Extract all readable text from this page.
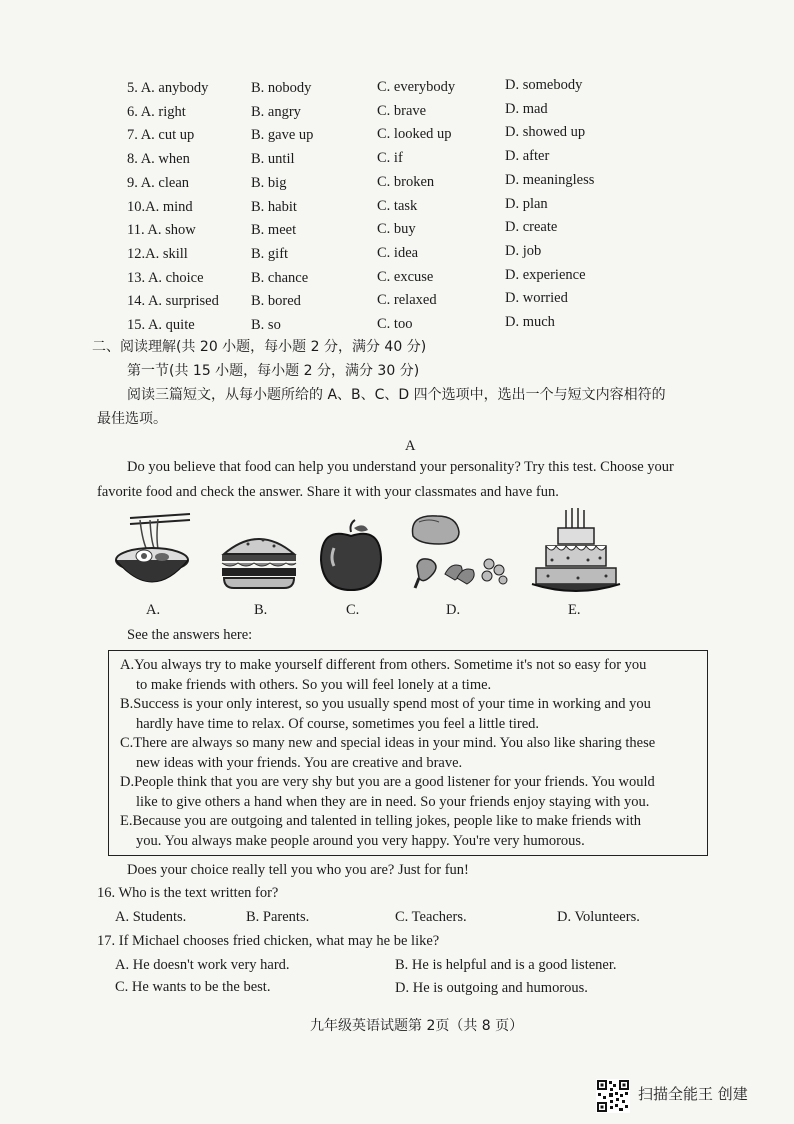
5. A. anybody	B. nobody	C. everybody	D. somebody
6. A. right	B. angry	C. brave	D. mad
7. A. cut up	B. gave up	C. looked up	D. showed up
8. A. when	B. until	C. if	D. after
9. A. clean	B. big	C. broken	D. meaningless
10.A. mind	B. habit	C. task	D. plan
11. A. show	B. meet	C. buy	D. create
12.A. skill	B. gift	C. idea	D. job
13. A. choice	B. chance	C. excuse	D. experience
14. A. surprised B. bored	C. relaxed	D. worried
15. A. quite	B. so	C. too	D. much
二、阅读理解(共 20 小题，每小题 2 分，满分 40 分)
第一节(共 15 小题，每小题 2 分，满分 30 分)
阅读三篇短文，从每小题所给的 A、B、C、D 四个选项中，选出一个与短文内容相符的
最佳选项。
A
Do you believe that food can help you understand your personality? Try this test. Choose your
favorite food and check the answer. Share it with your classmates and have fun.
A.	B.	C.	D.	E.
See the answers here:
A.You always try to make yourself different from others. Sometime it's not so easy for you
to make friends with others. So you will feel lonely at a time.
B.Success is your only interest, so you usually spend most of your time in working and you
hardly have time to relax. Of course, sometimes you feel a little tired.
C.There are always so many new and special ideas in your mind. You also like sharing these
new ideas with your friends. You are creative and brave.
D.People think that you are very shy but you are a good listener for your friends. You would
like to give others a hand when they are in need. So your friends enjoy staying with you.
E.Because you are outgoing and talented in telling jokes, people like to make friends with
you. You always make people around you very happy. You're very humorous.
Does your choice really tell you who you are? Just for fun!
16. Who is the text written for?
A. Students.	B. Parents.	C. Teachers.	D. Volunteers.
17. If Michael chooses fried chicken, what may he be like?
A. He doesn't work very hard.	B. He is helpful and is a good listener.
C. He wants to be the best.	D. He is outgoing and humorous.
九年级英语试题第 2页（共 8 页）
扫描全能王 创建
